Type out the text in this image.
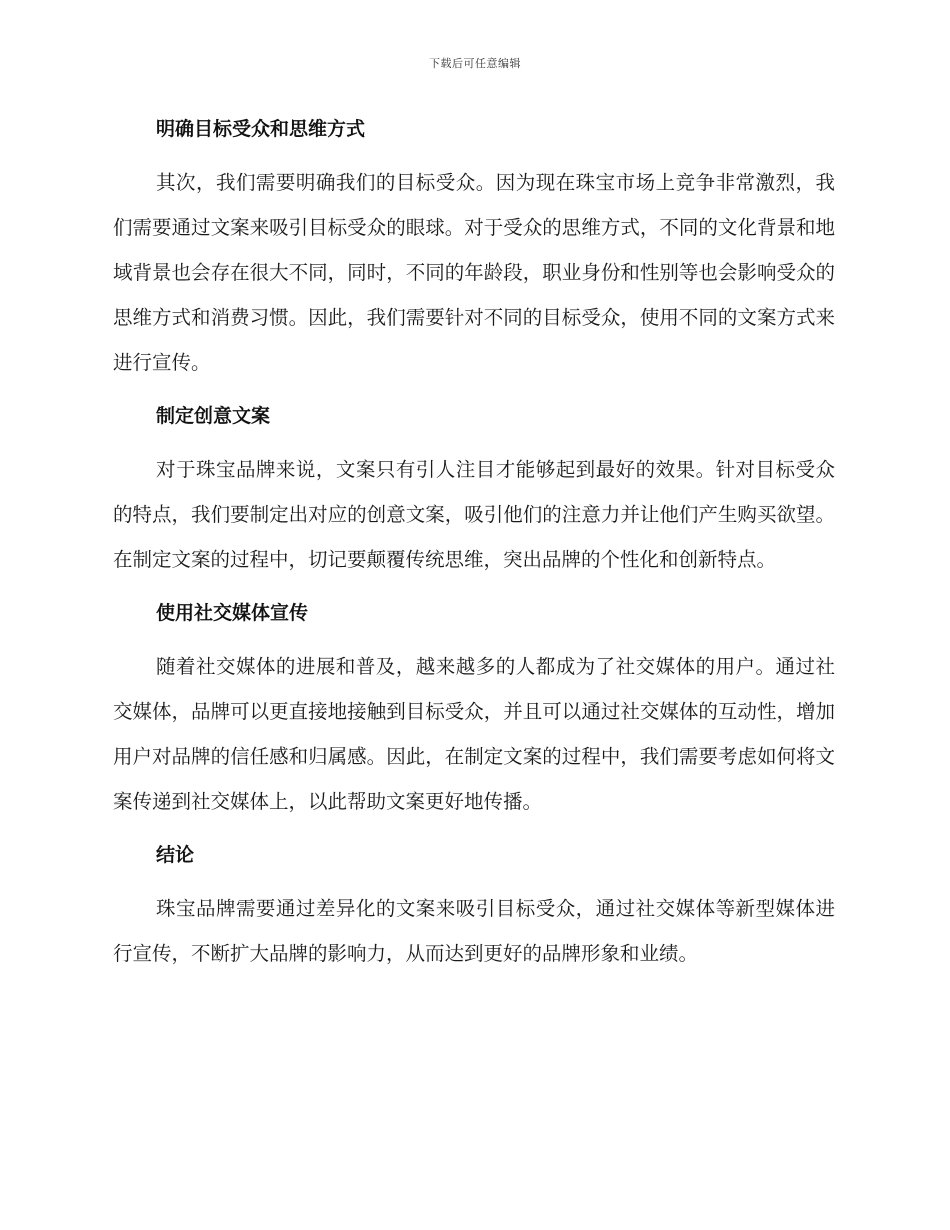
下载后可任意编辑
明确目标受众和思维方式

其次，我们需要明确我们的目标受众。因为现在珠宝市场上竞争非常激烈，我们需要通过文案来吸引目标受众的眼球。对于受众的思维方式，不同的文化背景和地域背景也会存在很大不同，同时，不同的年龄段，职业身份和性别等也会影响受众的思维方式和消费习惯。因此，我们需要针对不同的目标受众，使用不同的文案方式来进行宣传。

制定创意文案

对于珠宝品牌来说，文案只有引人注目才能够起到最好的效果。针对目标受众的特点，我们要制定出对应的创意文案，吸引他们的注意力并让他们产生购买欲望。在制定文案的过程中，切记要颠覆传统思维，突出品牌的个性化和创新特点。

使用社交媒体宣传

随着社交媒体的进展和普及，越来越多的人都成为了社交媒体的用户。通过社交媒体，品牌可以更直接地接触到目标受众，并且可以通过社交媒体的互动性，增加用户对品牌的信任感和归属感。因此，在制定文案的过程中，我们需要考虑如何将文案传递到社交媒体上，以此帮助文案更好地传播。

结论

珠宝品牌需要通过差异化的文案来吸引目标受众，通过社交媒体等新型媒体进行宣传，不断扩大品牌的影响力，从而达到更好的品牌形象和业绩。
